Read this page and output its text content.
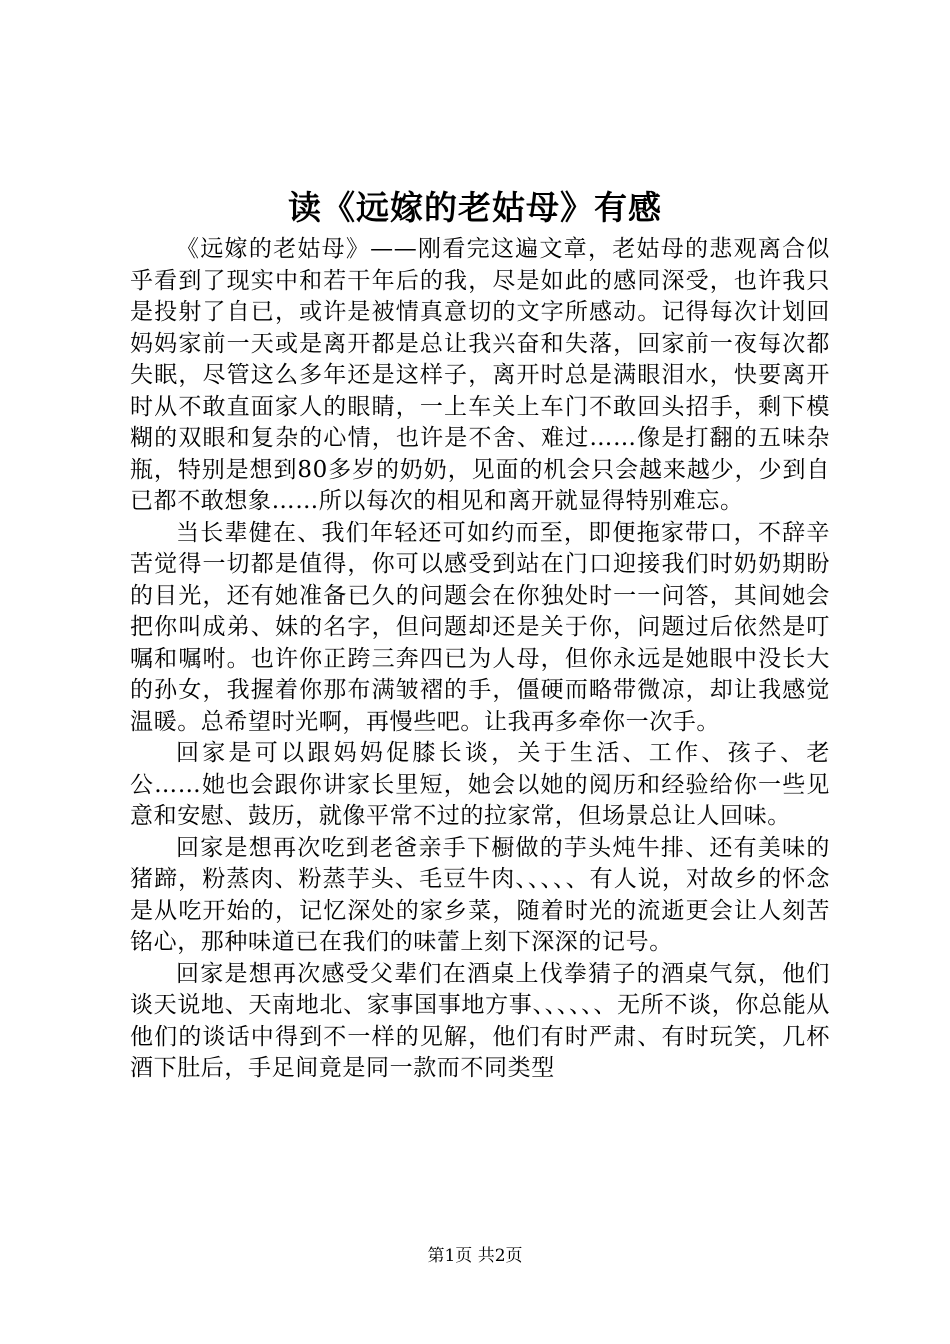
读《远嫁的老姑母》有感

《远嫁的老姑母》——刚看完这遍文章，老姑母的悲观离合似乎看到了现实中和若干年后的我，尽是如此的感同深受，也许我只是投射了自已，或许是被情真意切的文字所感动。记得每次计划回妈妈家前一天或是离开都是总让我兴奋和失落，回家前一夜每次都失眠，尽管这么多年还是这样子，离开时总是满眼泪水，快要离开时从不敢直面家人的眼睛，一上车关上车门不敢回头招手，剩下模糊的双眼和复杂的心情，也许是不舍、难过……像是打翻的五味杂瓶，特别是想到80多岁的奶奶，见面的机会只会越来越少，少到自已都不敢想象……所以每次的相见和离开就显得特别难忘。

当长辈健在、我们年轻还可如约而至，即便拖家带口，不辞辛苦觉得一切都是值得，你可以感受到站在门口迎接我们时奶奶期盼的目光，还有她准备已久的问题会在你独处时一一问答，其间她会把你叫成弟、妹的名字，但问题却还是关于你，问题过后依然是叮嘱和嘱咐。也许你正跨三奔四已为人母，但你永远是她眼中没长大的孙女，我握着你那布满皱褶的手，僵硬而略带微凉，却让我感觉温暖。总希望时光啊，再慢些吧。让我再多牵你一次手。

回家是可以跟妈妈促膝长谈，关于生活、工作、孩子、老公……她也会跟你讲家长里短，她会以她的阅历和经验给你一些见意和安慰、鼓历，就像平常不过的拉家常，但场景总让人回味。

回家是想再次吃到老爸亲手下橱做的芋头炖牛排、还有美味的猪蹄，粉蒸肉、粉蒸芋头、毛豆牛肉、、、、、有人说，对故乡的怀念是从吃开始的，记忆深处的家乡菜，随着时光的流逝更会让人刻苦铭心，那种味道已在我们的味蕾上刻下深深的记号。

回家是想再次感受父辈们在酒桌上伐拳猜子的酒桌气氛，他们谈天说地、天南地北、家事国事地方事、、、、、、无所不谈，你总能从他们的谈话中得到不一样的见解，他们有时严肃、有时玩笑，几杯酒下肚后，手足间竟是同一款而不同类型

第1页 共2页
